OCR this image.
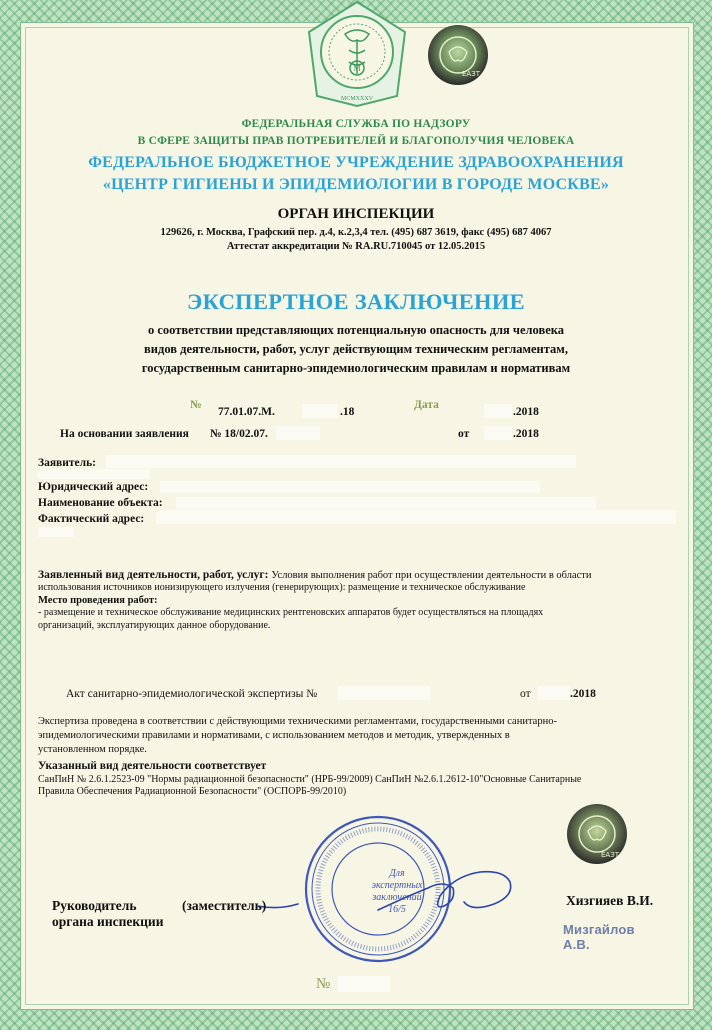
M
MCMXXXV
ЕАЗТ
ФЕДЕРАЛЬНАЯ СЛУЖБА ПО НАДЗОРУ
В СФЕРЕ ЗАЩИТЫ ПРАВ ПОТРЕБИТЕЛЕЙ И БЛАГОПОЛУЧИЯ ЧЕЛОВЕКА
ФЕДЕРАЛЬНОЕ БЮДЖЕТНОЕ УЧРЕЖДЕНИЕ ЗДРАВООХРАНЕНИЯ
«ЦЕНТР ГИГИЕНЫ И ЭПИДЕМИОЛОГИИ В ГОРОДЕ МОСКВЕ»
ОРГАН ИНСПЕКЦИИ
129626, г. Москва, Графский пер. д.4, к.2,3,4 тел. (495) 687 3619, факс (495) 687 4067
Аттестат аккредитации № RA.RU.710045 от 12.05.2015
ЭКСПЕРТНОЕ ЗАКЛЮЧЕНИЕ
о соответствии представляющих потенциальную опасность для человека
видов деятельности, работ, услуг действующим техническим регламентам,
государственным санитарно-эпидемиологическим правилам и нормативам
№
77.01.07.М.	.18
Дата
.2018
На основании заявления № 18/02.07.	от	.2018
Заявитель:
Юридический адрес:
Наименование объекта:
Фактический адрес:
Заявленный вид деятельности, работ, услуг: Условия выполнения работ при осуществлении деятельности в области
использования источников ионизирующего излучения (генерирующих): размещение и техническое обслуживание
Место проведения работ:
- размещение и техническое обслуживание медицинских рентгеновских аппаратов будет осуществляться на площадях
организаций, эксплуатирующих данное оборудование.
Акт санитарно-эпидемиологической экспертизы №	от	.2018
Экспертиза проведена в соответствии с действующими техническими регламентами, государственными санитарно-
эпидемиологическими правилами и нормативами, с использованием методов и методик, утвержденных в
установленном порядке.
Указанный вид деятельности соответствует
СанПиН № 2.6.1.2523-09 "Нормы радиационной безопасности" (НРБ-99/2009) СанПиН №2.6.1.2612-10"Основные Санитарные
Правила Обеспечения Радиационной Безопасности" (ОСПОРБ-99/2010)
ЕАЗТ
Для
экспертных
заключений
16/5
Руководитель	(заместитель)
органа инспекции
Хизгияев В.И.
Мизгайлов А.В.
№
